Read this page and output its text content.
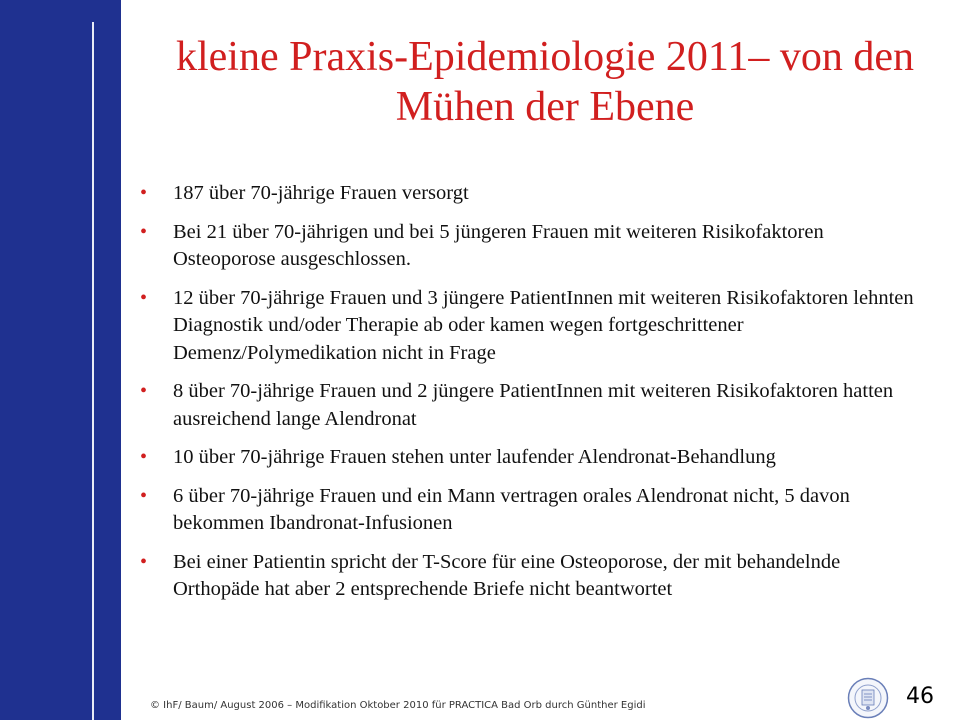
kleine Praxis-Epidemiologie 2011– von den Mühen der Ebene
• 187 über 70-jährige Frauen versorgt
• Bei 21 über 70-jährigen und bei 5 jüngeren Frauen mit weiteren Risikofaktoren Osteoporose ausgeschlossen.
• 12 über 70-jährige Frauen und 3 jüngere PatientInnen mit weiteren Risikofaktoren lehnten Diagnostik und/oder Therapie ab oder kamen wegen fortgeschrittener Demenz/Polymedikation nicht in Frage
• 8 über 70-jährige Frauen und 2 jüngere PatientInnen mit weiteren Risikofaktoren hatten ausreichend lange Alendronat
• 10 über 70-jährige Frauen stehen unter laufender Alendronat-Behandlung
• 6 über 70-jährige Frauen und ein Mann vertragen orales Alendronat nicht, 5 davon bekommen Ibandronat-Infusionen
• Bei einer Patientin spricht der T-Score für eine Osteoporose, der mit behandelnde Orthopäde hat aber 2 entsprechende Briefe nicht beantwortet
© IhF/ Baum/ August 2006 – Modifikation Oktober 2010 für PRACTICA Bad Orb durch Günther Egidi	46
